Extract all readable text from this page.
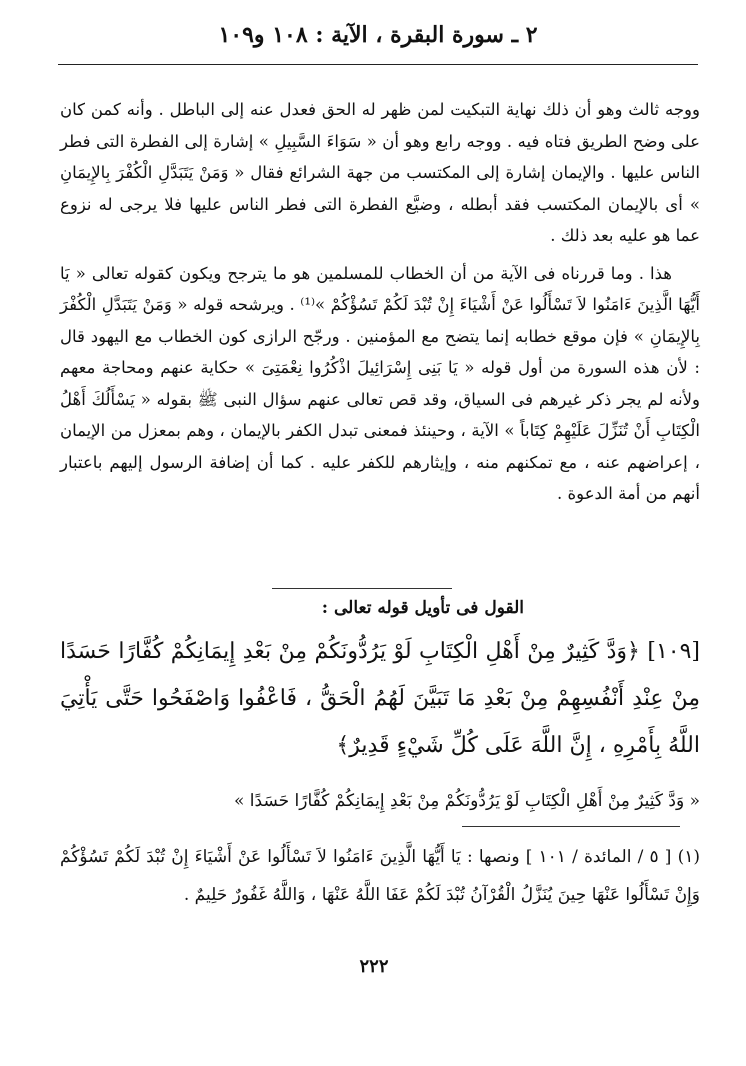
٢ ـ سورة البقرة ، الآية : ١٠٨ و١٠٩

ووجه ثالث وهو أن ذلك نهاية التبكيت لمن ظهر له الحق فعدل عنه إلى الباطل . وأنه كمن كان على وضح الطريق فتاه فيه . ووجه رابع وهو أن « سَوَاءَ السَّبِيلِ » إشارة إلى الفطرة التى فطر الناس عليها . والإيمان إشارة إلى المكتسب من جهة الشرائع فقال « وَمَنْ يَتَبَدَّلِ الْكُفْرَ بِالإِيمَانِ » أى بالإيمان المكتسب فقد أبطله ، وضيَّع الفطرة التى فطر الناس عليها فلا يرجى له نزوع عما هو عليه بعد ذلك .

هذا . وما قررناه فى الآية من أن الخطاب للمسلمين هو ما يترجح ويكون كقوله تعالى « يَا أَيُّهَا الَّذِينَ ءَامَنُوا لاَ تَسْأَلُوا عَنْ أَشْيَاءَ إِنْ تُبْدَ لَكُمْ تَسُؤْكُمْ »⁽¹⁾ . ويرشحه قوله « وَمَنْ يَتَبَدَّلِ الْكُفْرَ بِالإِيمَانِ » فإن موقع خطابه إنما يتضح مع المؤمنين . ورجّح الرازى كون الخطاب مع اليهود قال : لأن هذه السورة من أول قوله « يَا بَنِى إِسْرَائِيلَ اذْكُرُوا نِعْمَتِىَ » حكاية عنهم ومحاجة معهم ولأنه لم يجر ذكر غيرهم فى السياق، وقد قص تعالى عنهم سؤال النبى ﷺ بقوله « يَسْأَلُكَ أَهْلُ الْكِتَابِ أَنْ تُنَزِّلَ عَلَيْهِمْ كِتَاباً » الآية ، وحينئذ فمعنى تبدل الكفر بالإيمان ، وهم بمعزل من الإيمان ، إعراضهم عنه ، مع تمكنهم منه ، وإيثارهم للكفر عليه . كما أن إضافة الرسول إليهم باعتبار أنهم من أمة الدعوة .

القول فى تأويل قوله تعالى :
[١٠٩] ﴿وَدَّ كَثِيرٌ مِنْ أَهْلِ الْكِتَابِ لَوْ يَرُدُّونَكُمْ مِنْ بَعْدِ إِيمَانِكُمْ كُفَّارًا حَسَدًا مِنْ عِنْدِ أَنْفُسِهِمْ مِنْ بَعْدِ مَا تَبَيَّنَ لَهُمُ الْحَقُّ ، فَاعْفُوا وَاصْفَحُوا حَتَّى يَأْتِيَ اللَّهُ بِأَمْرِهِ ، إِنَّ اللَّهَ عَلَى كُلِّ شَيْءٍ قَدِيرٌ﴾
« وَدَّ كَثِيرٌ مِنْ أَهْلِ الْكِتَابِ لَوْ يَرُدُّونَكُمْ مِنْ بَعْدِ إِيمَانِكُمْ كُفَّارًا حَسَدًا »
(١) [ ٥ / المائدة / ١٠١ ] ونصها : يَا أَيُّهَا الَّذِينَ ءَامَنُوا لاَ تَسْأَلُوا عَنْ أَشْيَاءَ إِنْ تُبْدَ لَكُمْ تَسُؤْكُمْ وَإِنْ تَسْأَلُوا عَنْهَا حِينَ يُنَزَّلُ الْقُرْآنُ تُبْدَ لَكُمْ عَفَا اللَّهُ عَنْهَا ، وَاللَّهُ غَفُورٌ حَلِيمٌ .
٢٢٢
